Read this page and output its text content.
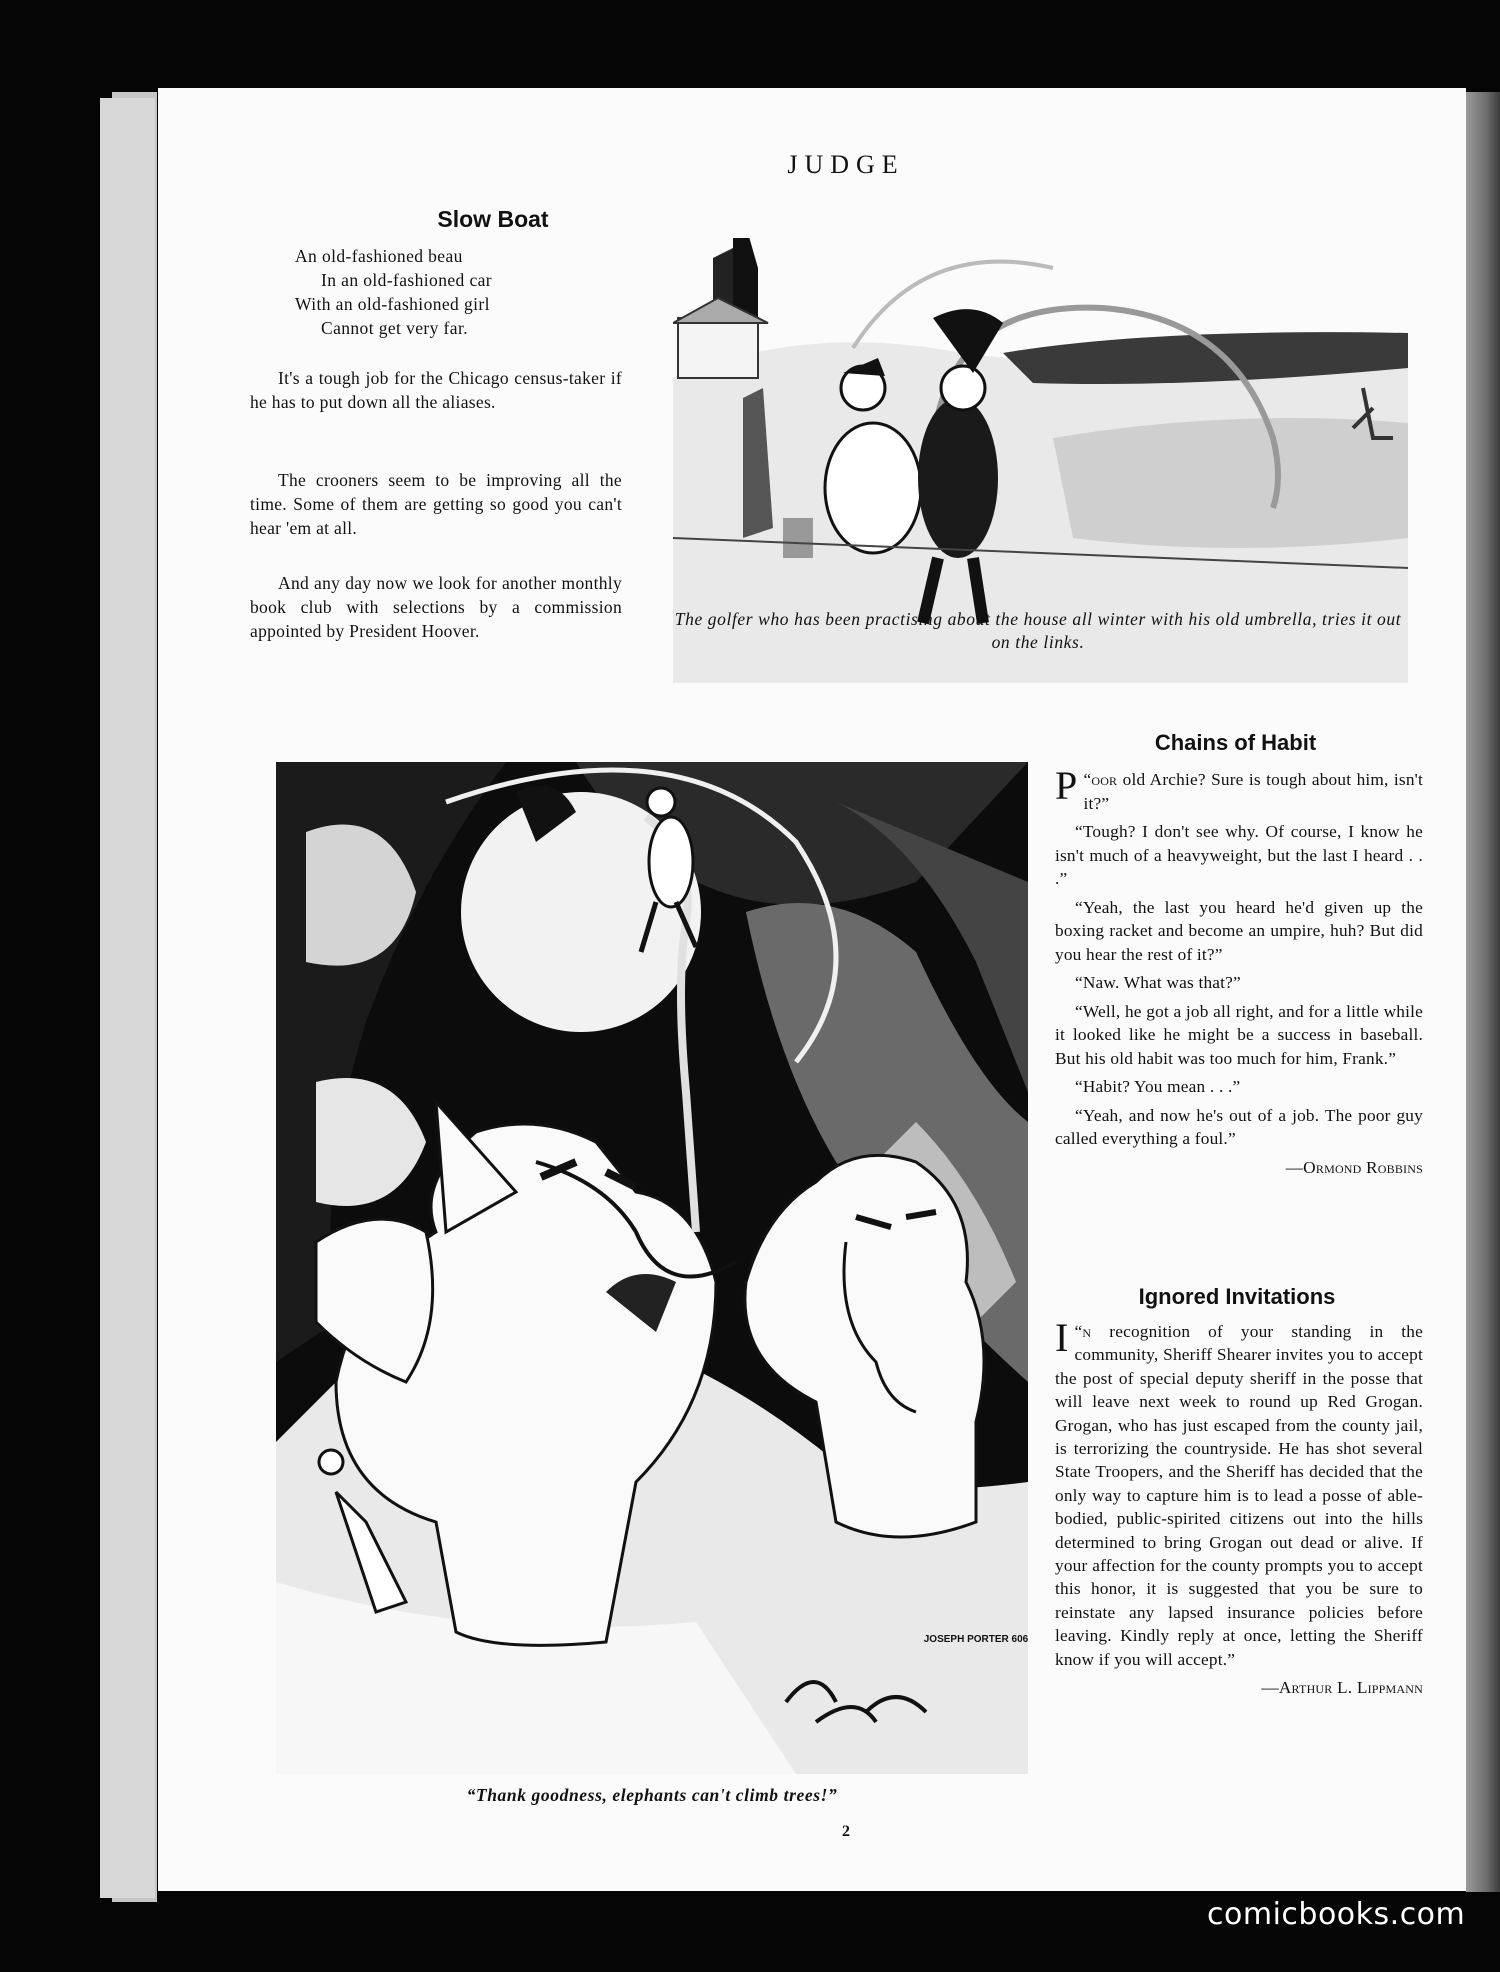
JUDGE
Slow Boat
An old-fashioned beau
In an old-fashioned car
With an old-fashioned girl
Cannot get very far.

It's a tough job for the Chicago census-taker if he has to put down all the aliases.

The crooners seem to be improving all the time. Some of them are getting so good you can't hear 'em at all.

And any day now we look for another monthly book club with selections by a commission appointed by President Hoover.

The golfer who has been practising about the house all winter with his old umbrella, tries it out on the links.
JOSEPH PORTER 606
“Thank goodness, elephants can't climb trees!”
2
Chains of Habit

“
P oor old Archie? Sure is tough about him, isn't it?”

“Tough? I don't see why. Of course, I know he isn't much of a heavyweight, but the last I heard . . .”

“Yeah, the last you heard he'd given up the boxing racket and become an umpire, huh? But did you hear the rest of it?”

“Naw. What was that?”

“Well, he got a job all right, and for a little while it looked like he might be a success in baseball. But his old habit was too much for him, Frank.”

“Habit? You mean . . .”

“Yeah, and now he's out of a job. The poor guy called everything a foul.”

—Ormond Robbins

Ignored Invitations

“
I n recognition of your standing in the community, Sheriff Shearer invites you to accept the post of special deputy sheriff in the posse that will leave next week to round up Red Grogan. Grogan, who has just escaped from the county jail, is terrorizing the countryside. He has shot several State Troopers, and the Sheriff has decided that the only way to capture him is to lead a posse of able-bodied, public-spirited citizens out into the hills determined to bring Grogan out dead or alive. If your affection for the county prompts you to accept this honor, it is suggested that you be sure to reinstate any lapsed insurance policies before leaving. Kindly reply at once, letting the Sheriff know if you will accept.”

—Arthur L. Lippmann

comicbooks.com
